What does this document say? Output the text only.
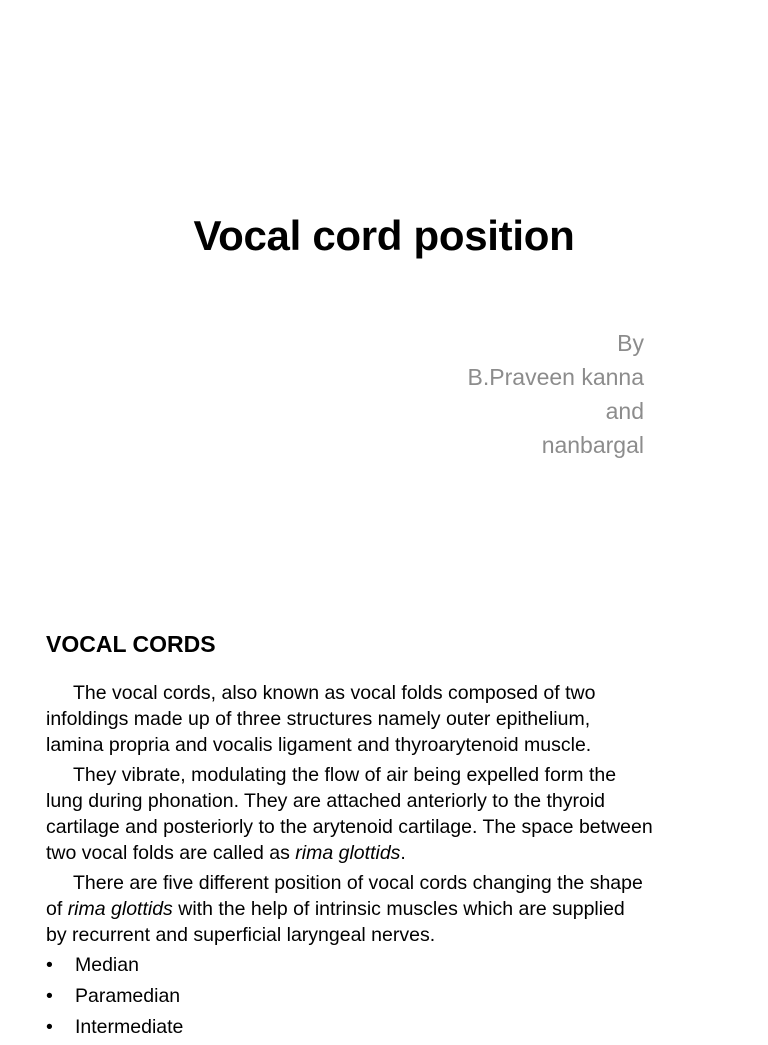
Vocal cord position
By
B.Praveen kanna
and
nanbargal
VOCAL CORDS

The vocal cords, also known as vocal folds composed of two
infoldings made up of three structures namely outer epithelium,
lamina propria and vocalis ligament and thyroarytenoid muscle.

They vibrate, modulating the flow of air being expelled form the
lung during phonation. They are attached anteriorly to the thyroid
cartilage and posteriorly to the arytenoid cartilage. The space between
two vocal folds are called as rima glottids.

There are five different position of vocal cords changing the shape
of rima glottids with the help of intrinsic muscles which are supplied
by recurrent and superficial laryngeal nerves.

• Median
• Paramedian
• Intermediate
